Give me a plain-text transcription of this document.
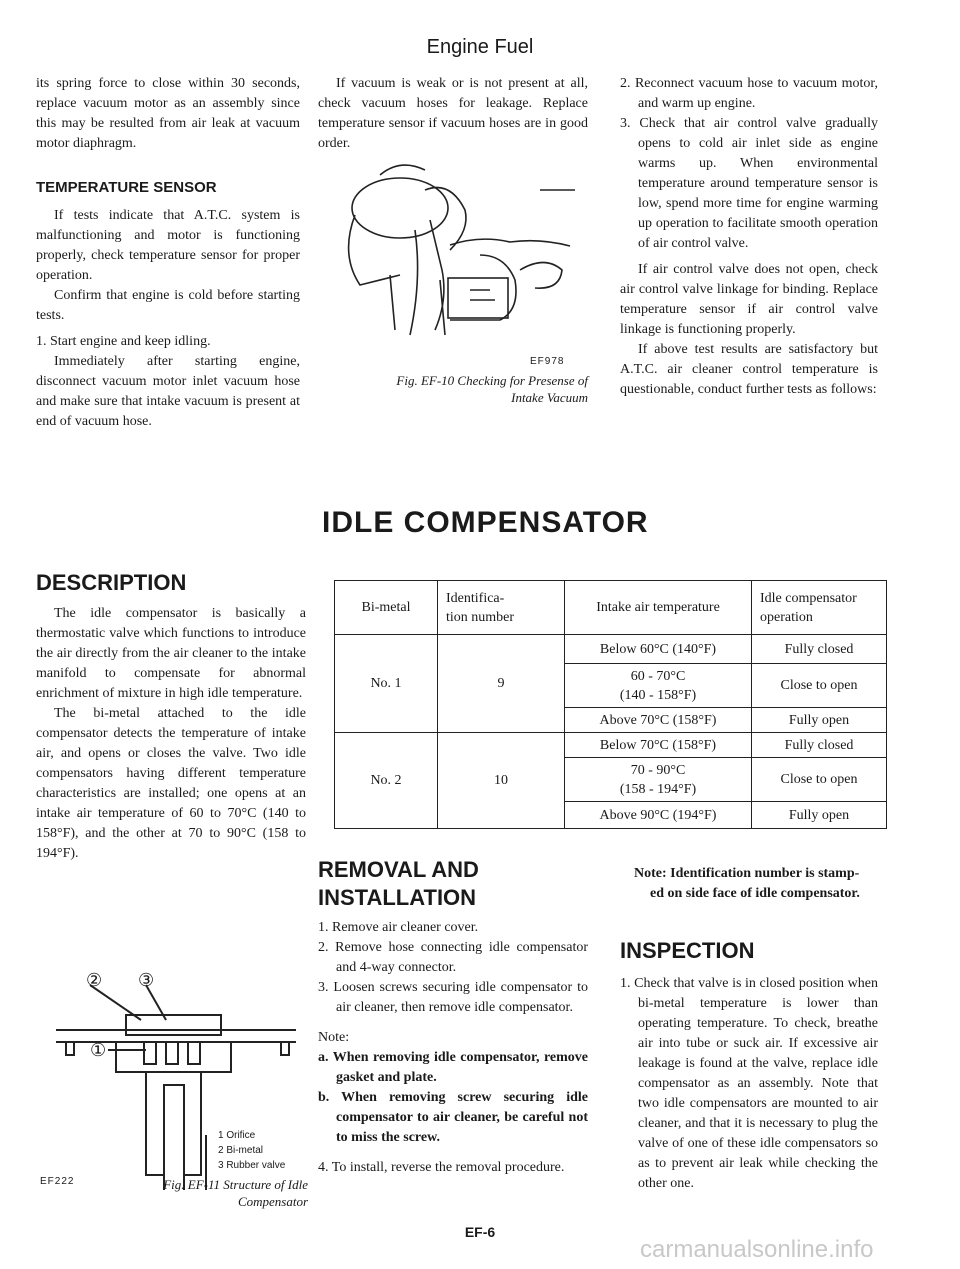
Engine Fuel

its spring force to close within 30 seconds, replace vacuum motor as an assembly since this may be resulted from air leak at vacuum motor diaphragm.

TEMPERATURE SENSOR

If tests indicate that A.T.C. system is malfunctioning and motor is functioning properly, check temperature sensor for proper operation.

Confirm that engine is cold before starting tests.

1. Start engine and keep idling.

Immediately after starting engine, disconnect vacuum motor inlet vacuum hose and make sure that intake vacuum is present at end of vacuum hose.

If vacuum is weak or is not present at all, check vacuum hoses for leakage. Replace temperature sensor if vacuum hoses are in good order.

EF978
Fig. EF-10 Checking for Presense of
Intake Vacuum

2. Reconnect vacuum hose to vacuum motor, and warm up engine.

3. Check that air control valve gradually opens to cold air inlet side as engine warms up. When environmental temperature around temperature sensor is low, spend more time for engine warming up operation to facilitate smooth operation of air control valve.

If air control valve does not open, check air control valve linkage for binding. Replace temperature sensor if air control valve linkage is functioning properly.

If above test results are satisfactory but A.T.C. air cleaner control temperature is questionable, conduct further tests as follows:

IDLE COMPENSATOR
DESCRIPTION

The idle compensator is basically a thermostatic valve which functions to introduce the air directly from the air cleaner to the intake manifold to compensate for abnormal enrichment of mixture in high idle temperature.

The bi-metal attached to the idle compensator detects the temperature of intake air, and opens or closes the valve. Two idle compensators having different temperature characteristics are installed; one opens at an intake air temperature of 60 to 70°C (140 to 158°F), and the other at 70 to 90°C (158 to 194°F).

② ③
①
1 Orifice
2 Bi-metal
3 Rubber valve
EF222	Fig. EF-11 Structure of Idle
Compensator
Bi-metal	Identifica-
tion number	Intake air temperature	Idle compensator
operation
No. 1	9	Below 60°C (140°F)	Fully closed
		60 - 70°C
(140 - 158°F)	Close to open
		Above 70°C (158°F)	Fully open
No. 2	10	Below 70°C (158°F)	Fully closed
		70 - 90°C
(158 - 194°F)	Close to open
		Above 90°C (194°F)	Fully open
REMOVAL AND
INSTALLATION

1. Remove air cleaner cover.

2. Remove hose connecting idle compensator and 4-way connector.

3. Loosen screws securing idle compensator to air cleaner, then remove idle compensator.

Note:

a. When removing idle compensator, remove gasket and plate.

b. When removing screw securing idle compensator to air cleaner, be careful not to miss the screw.

4. To install, reverse the removal procedure.

Note: Identification number is stamp-
ed on side face of idle compensator.
INSPECTION

1. Check that valve is in closed position when bi-metal temperature is lower than operating temperature. To check, breathe air into tube or suck air. If excessive air leakage is found at the valve, replace idle compensator as an assembly. Note that two idle compensators are mounted to air cleaner, and that it is necessary to plug the valve of one of these idle compensators so as to prevent air leak while checking the other one.

EF-6
carmanualsonline.info
